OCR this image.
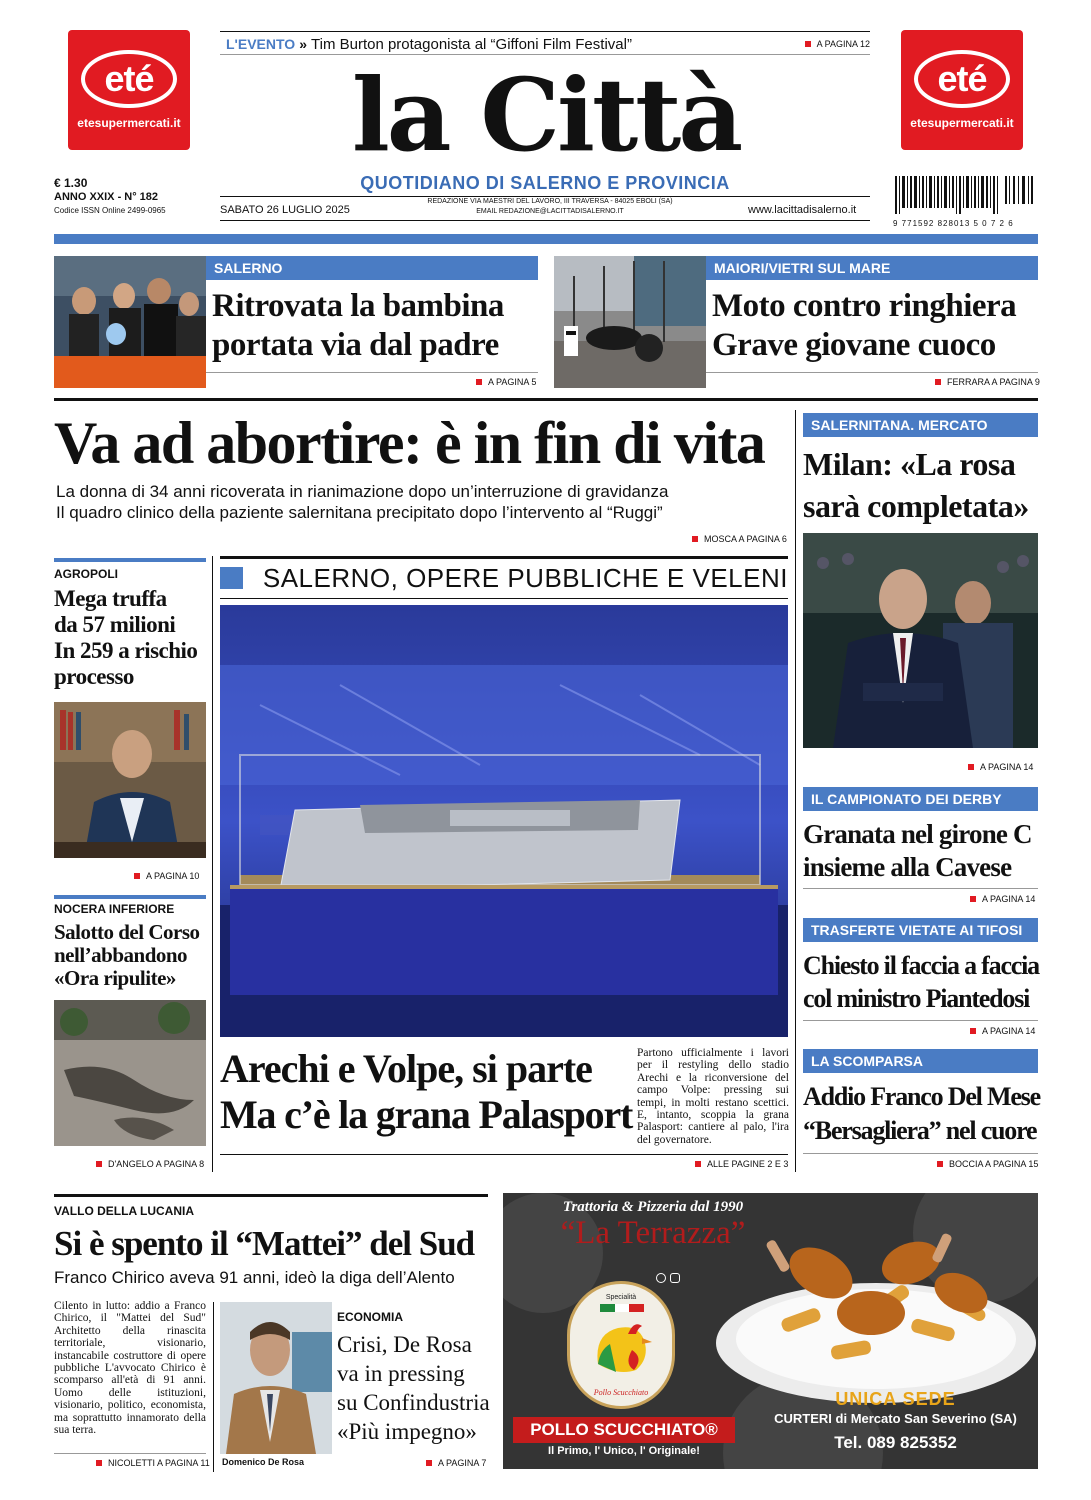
eté
etesupermercati.it
eté
etesupermercati.it
L'EVENTO » Tim Burton protagonista al “Giffoni Film Festival”	A PAGINA 12
la Città
QUOTIDIANO DI SALERNO E PROVINCIA
€ 1.30
ANNO XXIX - N° 182
Codice ISSN Online 2499-0965	SABATO 26 LUGLIO 2025
REDAZIONE VIA MAESTRI DEL LAVORO, III TRAVERSA - 84025 EBOLI (SA)
EMAIL REDAZIONE@LACITTADISALERNO.IT	www.lacittadisalerno.it
9 771592 828013 5 0 7 2 6
SALERNO
Ritrovata la bambina
portata via dal padre
A PAGINA 5
MAIORI/VIETRI SUL MARE
Moto contro ringhiera
Grave giovane cuoco
FERRARA A PAGINA 9
Va ad abortire: è in fin di vita
La donna di 34 anni ricoverata in rianimazione dopo un’interruzione di gravidanza
Il quadro clinico della paziente salernitana precipitato dopo l’intervento al “Ruggi”
MOSCA A PAGINA 6
AGROPOLI
Mega truffa
da 57 milioni
In 259 a rischio
processo
A PAGINA 10
NOCERA INFERIORE
Salotto del Corso
nell’abbandono
«Ora ripulite»
D'ANGELO A PAGINA 8
SALERNO, OPERE PUBBLICHE E VELENI
Arechi e Volpe, si parte
Ma c’è la grana Palasport
Partono ufficialmente i lavori per il restyling dello stadio Arechi e la riconversione del campo Volpe: pressing sui tempi, in molti restano scettici. E, intanto, scoppia la grana Palasport: cantiere al palo, l'ira del governatore.
ALLE PAGINE 2 E 3
SALERNITANA. MERCATO
Milan: «La rosa
sarà completata»
A PAGINA 14
IL CAMPIONATO DEI DERBY
Granata nel girone C
insieme alla Cavese
A PAGINA 14
TRASFERTE VIETATE AI TIFOSI
Chiesto il faccia a faccia
col ministro Piantedosi
A PAGINA 14
LA SCOMPARSA
Addio Franco Del Mese
“Bersagliera” nel cuore
BOCCIA A PAGINA 15
VALLO DELLA LUCANIA
Si è spento il “Mattei” del Sud
Franco Chirico aveva 91 anni, ideò la diga dell’Alento
Cilento in lutto: addio a Franco Chirico, il "Mattei del Sud" Architetto della rinascita territoriale, visionario, instancabile costruttore di opere pubbliche L'avvocato Chirico è scomparso all'età di 91 anni. Uomo delle istituzioni, visionario, politico, economista, ma soprattutto innamorato della sua terra.
Domenico De Rosa
ECONOMIA
Crisi, De Rosa
va in pressing
su Confindustria
«Più impegno»
NICOLETTI A PAGINA 11	A PAGINA 7
Trattoria & Pizzeria dal 1990
“La Terrazza”
Specialità
Pollo Scucchiato
POLLO SCUCCHIATO®
Il Primo, l' Unico, l' Originale!
UNICA SEDE
CURTERI di Mercato San Severino (SA)
Tel. 089 825352
